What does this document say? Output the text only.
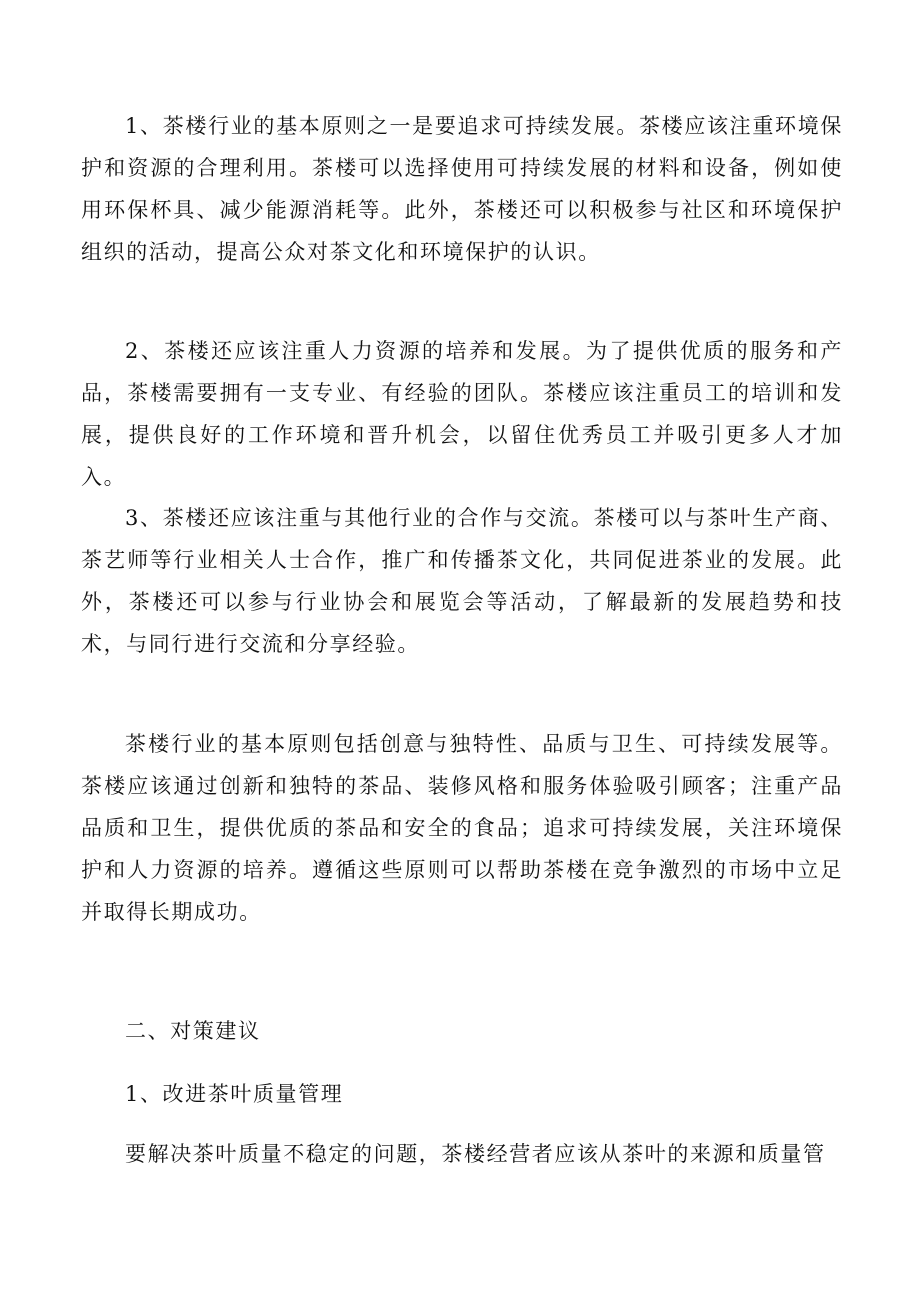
1、茶楼行业的基本原则之一是要追求可持续发展。茶楼应该注重环境保护和资源的合理利用。茶楼可以选择使用可持续发展的材料和设备，例如使用环保杯具、减少能源消耗等。此外，茶楼还可以积极参与社区和环境保护组织的活动，提高公众对茶文化和环境保护的认识。

2、茶楼还应该注重人力资源的培养和发展。为了提供优质的服务和产品，茶楼需要拥有一支专业、有经验的团队。茶楼应该注重员工的培训和发展，提供良好的工作环境和晋升机会，以留住优秀员工并吸引更多人才加入。

3、茶楼还应该注重与其他行业的合作与交流。茶楼可以与茶叶生产商、茶艺师等行业相关人士合作，推广和传播茶文化，共同促进茶业的发展。此外，茶楼还可以参与行业协会和展览会等活动，了解最新的发展趋势和技术，与同行进行交流和分享经验。

茶楼行业的基本原则包括创意与独特性、品质与卫生、可持续发展等。茶楼应该通过创新和独特的茶品、装修风格和服务体验吸引顾客；注重产品品质和卫生，提供优质的茶品和安全的食品；追求可持续发展，关注环境保护和人力资源的培养。遵循这些原则可以帮助茶楼在竞争激烈的市场中立足并取得长期成功。

二、对策建议
1、改进茶叶质量管理

要解决茶叶质量不稳定的问题，茶楼经营者应该从茶叶的来源和质量管
